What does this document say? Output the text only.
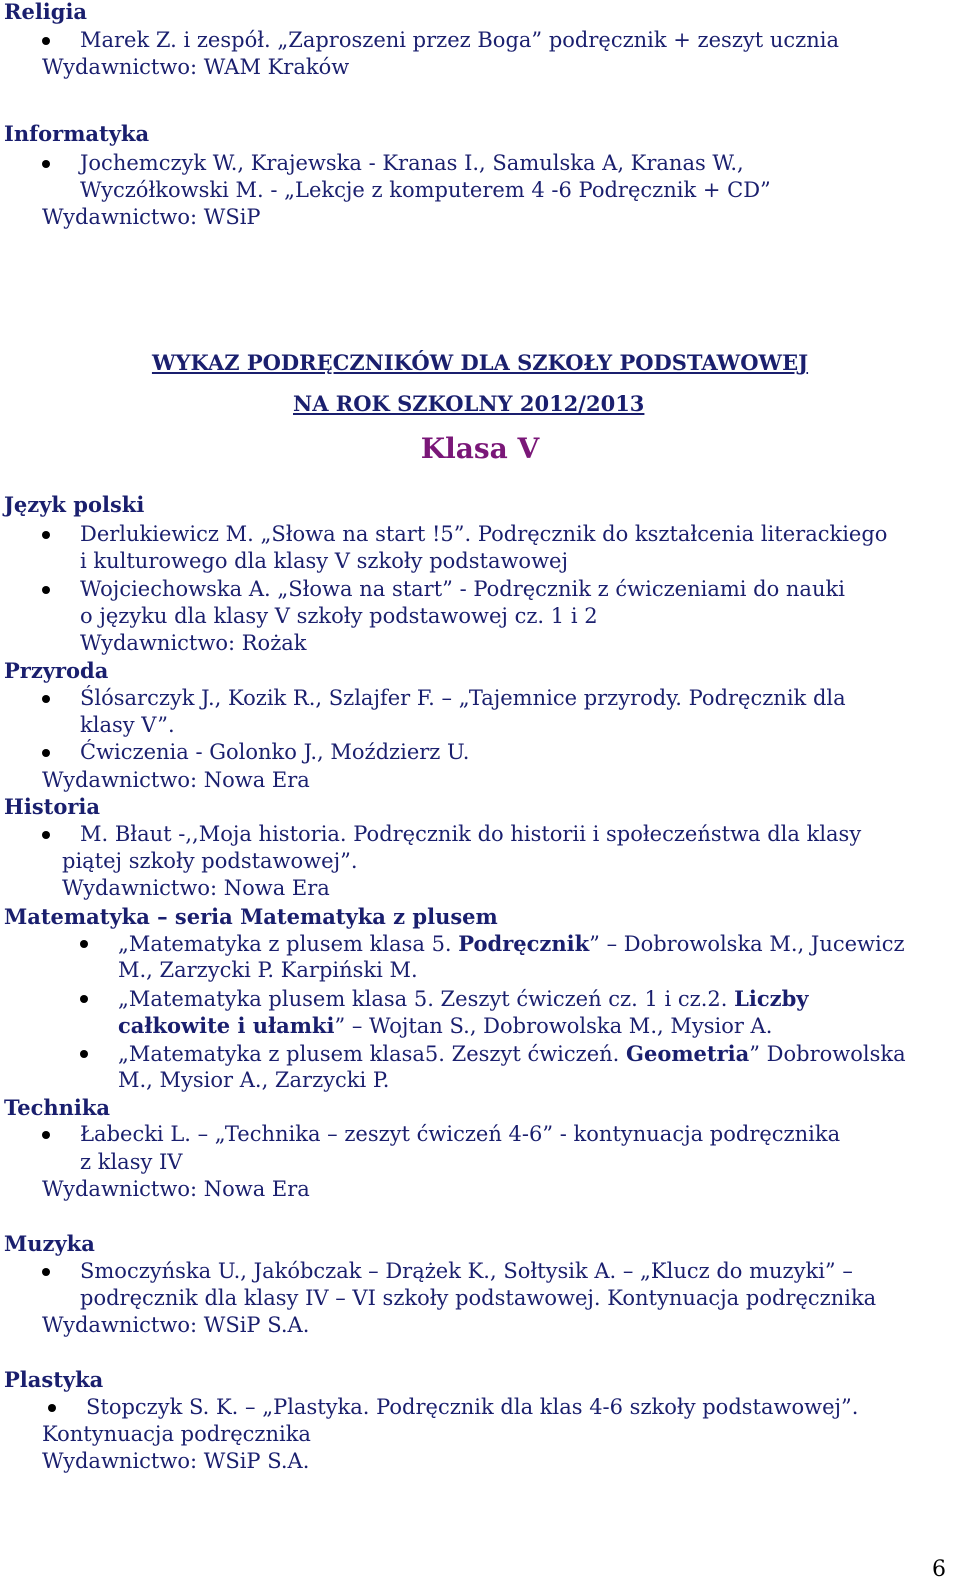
Religia
Marek Z. i zespół. „Zaproszeni przez Boga” podręcznik + zeszyt ucznia
Wydawnictwo: WAM Kraków
Informatyka
Jochemczyk W., Krajewska - Kranas I., Samulska A, Kranas W.,
Wyczółkowski M. - „Lekcje z komputerem 4 -6 Podręcznik + CD”
Wydawnictwo: WSiP
WYKAZ PODRĘCZNIKÓW DLA SZKOŁY PODSTAWOWEJ
NA ROK SZKOLNY 2012/2013
Klasa V
Język polski
Derlukiewicz M. „Słowa na start !5”. Podręcznik do kształcenia literackiego
i kulturowego dla klasy V szkoły podstawowej
Wojciechowska A. „Słowa na start” - Podręcznik z ćwiczeniami do nauki
o języku dla klasy V szkoły podstawowej cz. 1 i 2
Wydawnictwo: Rożak
Przyroda
Ślósarczyk J., Kozik R., Szlajfer F. – „Tajemnice przyrody. Podręcznik dla
klasy V”.
Ćwiczenia - Golonko J., Moździerz U.
Wydawnictwo: Nowa Era
Historia
M. Błaut -,,Moja historia. Podręcznik do historii i społeczeństwa dla klasy
piątej szkoły podstawowej”.
Wydawnictwo: Nowa Era
Matematyka – seria Matematyka z plusem
„Matematyka z plusem klasa 5. Podręcznik” – Dobrowolska M., Jucewicz
M., Zarzycki P. Karpiński M.
„Matematyka plusem klasa 5. Zeszyt ćwiczeń cz. 1 i cz.2. Liczby
całkowite i ułamki” – Wojtan S., Dobrowolska M., Mysior A.
„Matematyka z plusem klasa5. Zeszyt ćwiczeń. Geometria” Dobrowolska
M., Mysior A., Zarzycki P.
Technika
Łabecki L. – „Technika – zeszyt ćwiczeń 4-6” - kontynuacja podręcznika
z klasy IV
Wydawnictwo: Nowa Era
Muzyka
Smoczyńska U., Jakóbczak – Drążek K., Sołtysik A. – „Klucz do muzyki” –
podręcznik dla klasy IV – VI szkoły podstawowej. Kontynuacja podręcznika
Wydawnictwo: WSiP S.A.
Plastyka
Stopczyk S. K. – „Plastyka. Podręcznik dla klas 4-6 szkoły podstawowej”.
Kontynuacja podręcznika
Wydawnictwo: WSiP S.A.
6
